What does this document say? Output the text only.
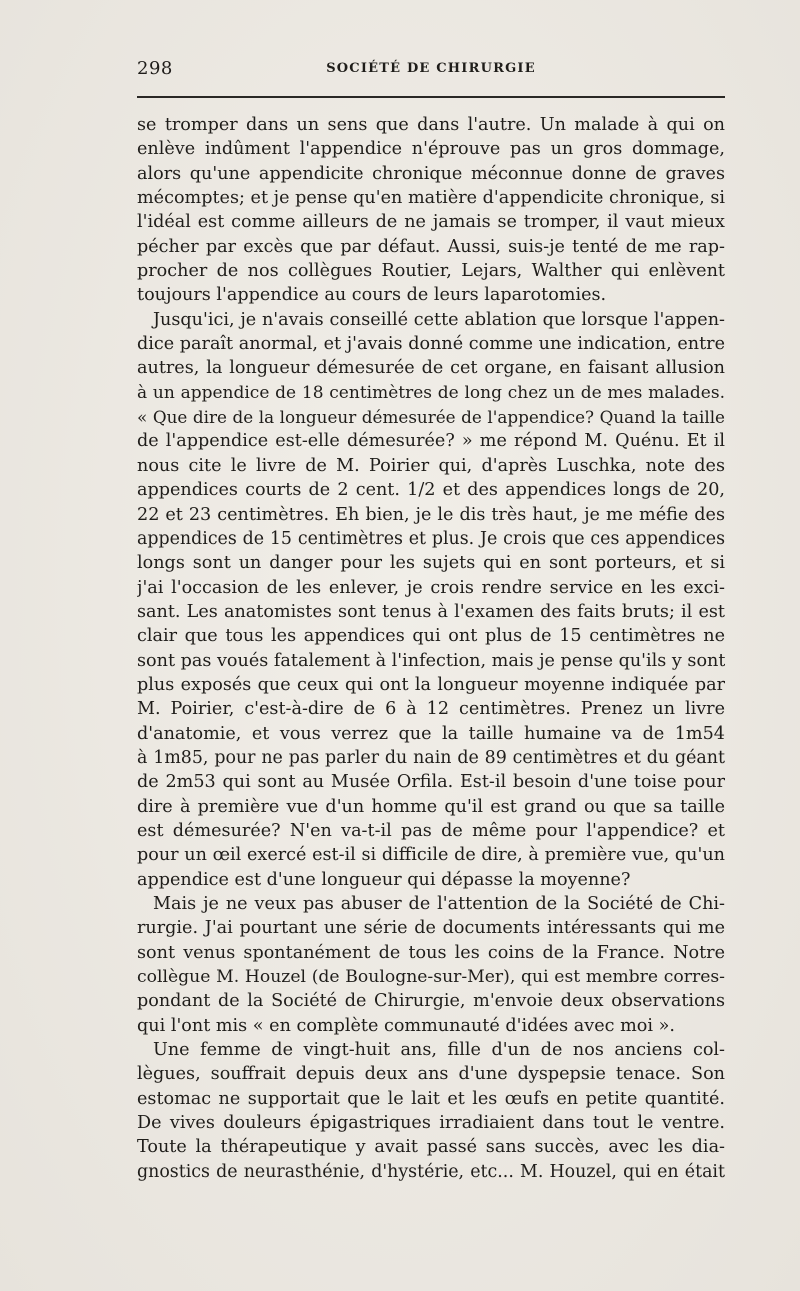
298	SOCIÉTÉ DE CHIRURGIE
se tromper dans un sens que dans l'autre. Un malade à qui on
enlève indûment l'appendice n'éprouve pas un gros dommage,
alors qu'une appendicite chronique méconnue donne de graves
mécomptes; et je pense qu'en matière d'appendicite chronique, si
l'idéal est comme ailleurs de ne jamais se tromper, il vaut mieux
pécher par excès que par défaut. Aussi, suis-je tenté de me rap-
procher de nos collègues Routier, Lejars, Walther qui enlèvent
toujours l'appendice au cours de leurs laparotomies.
Jusqu'ici, je n'avais conseillé cette ablation que lorsque l'appen-
dice paraît anormal, et j'avais donné comme une indication, entre
autres, la longueur démesurée de cet organe, en faisant allusion
à un appendice de 18 centimètres de long chez un de mes malades.
« Que dire de la longueur démesurée de l'appendice? Quand la taille
de l'appendice est-elle démesurée? » me répond M. Quénu. Et il
nous cite le livre de M. Poirier qui, d'après Luschka, note des
appendices courts de 2 cent. 1/2 et des appendices longs de 20,
22 et 23 centimètres. Eh bien, je le dis très haut, je me méfie des
appendices de 15 centimètres et plus. Je crois que ces appendices
longs sont un danger pour les sujets qui en sont porteurs, et si
j'ai l'occasion de les enlever, je crois rendre service en les exci-
sant. Les anatomistes sont tenus à l'examen des faits bruts; il est
clair que tous les appendices qui ont plus de 15 centimètres ne
sont pas voués fatalement à l'infection, mais je pense qu'ils y sont
plus exposés que ceux qui ont la longueur moyenne indiquée par
M. Poirier, c'est-à-dire de 6 à 12 centimètres. Prenez un livre
d'anatomie, et vous verrez que la taille humaine va de 1m54
à 1m85, pour ne pas parler du nain de 89 centimètres et du géant
de 2m53 qui sont au Musée Orfila. Est-il besoin d'une toise pour
dire à première vue d'un homme qu'il est grand ou que sa taille
est démesurée? N'en va-t-il pas de même pour l'appendice? et
pour un œil exercé est-il si difficile de dire, à première vue, qu'un
appendice est d'une longueur qui dépasse la moyenne?
Mais je ne veux pas abuser de l'attention de la Société de Chi-
rurgie. J'ai pourtant une série de documents intéressants qui me
sont venus spontanément de tous les coins de la France. Notre
collègue M. Houzel (de Boulogne-sur-Mer), qui est membre corres-
pondant de la Société de Chirurgie, m'envoie deux observations
qui l'ont mis « en complète communauté d'idées avec moi ».
Une femme de vingt-huit ans, fille d'un de nos anciens col-
lègues, souffrait depuis deux ans d'une dyspepsie tenace. Son
estomac ne supportait que le lait et les œufs en petite quantité.
De vives douleurs épigastriques irradiaient dans tout le ventre.
Toute la thérapeutique y avait passé sans succès, avec les dia-
gnostics de neurasthénie, d'hystérie, etc... M. Houzel, qui en était
